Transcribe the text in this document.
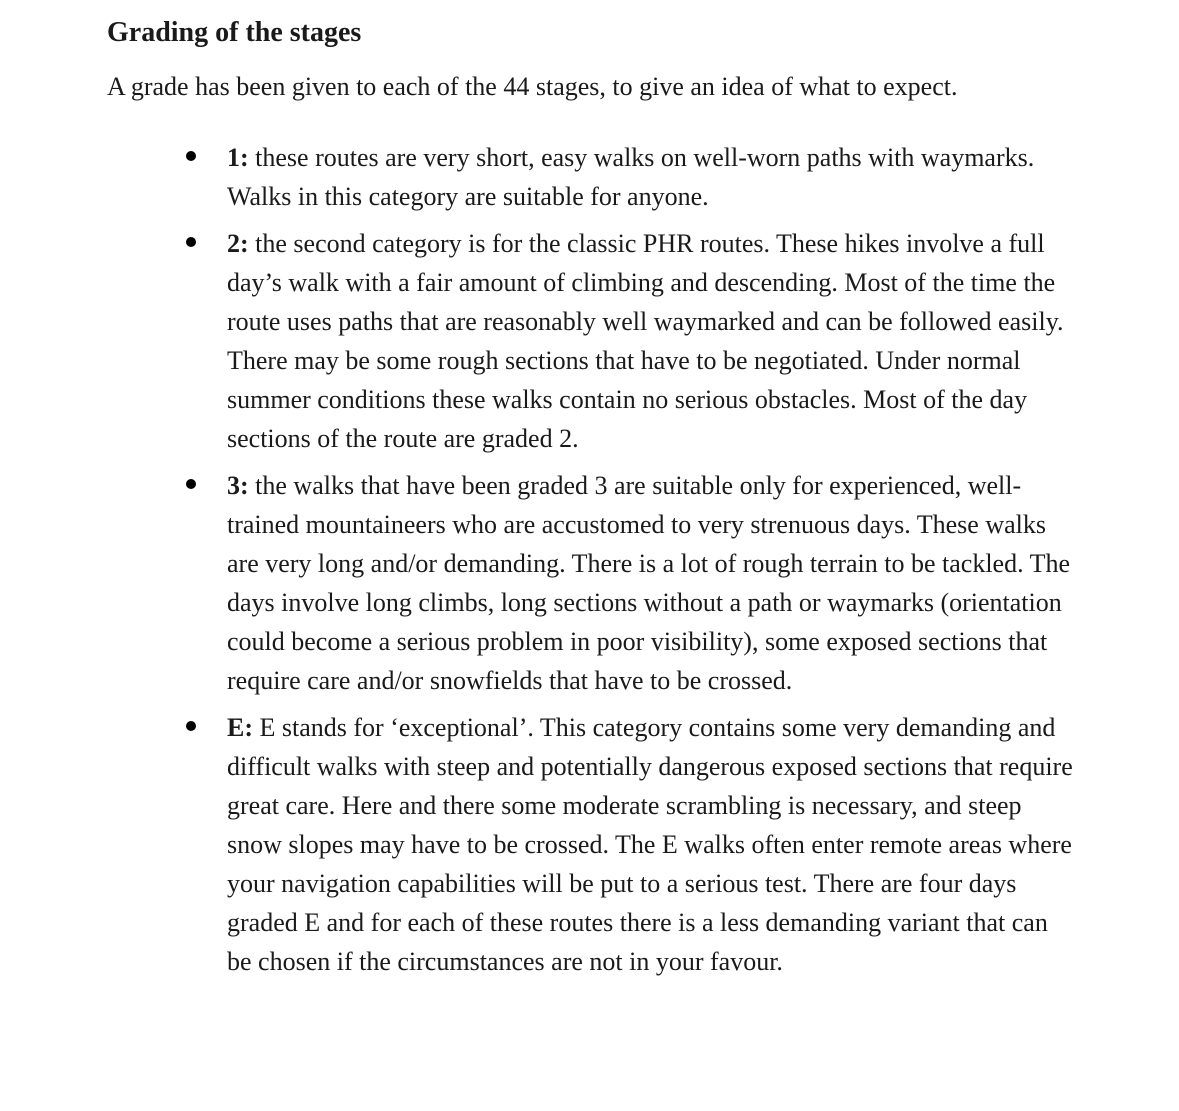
Grading of the stages

A grade has been given to each of the 44 stages, to give an idea of what to expect.

1: these routes are very short, easy walks on well-worn paths with waymarks. Walks in this category are suitable for anyone.
2: the second category is for the classic PHR routes. These hikes involve a full day’s walk with a fair amount of climbing and descending. Most of the time the route uses paths that are reasonably well waymarked and can be followed easily. There may be some rough sections that have to be negotiated. Under normal summer conditions these walks contain no serious obstacles. Most of the day sections of the route are graded 2.
3: the walks that have been graded 3 are suitable only for experienced, well-trained mountaineers who are accustomed to very strenuous days. These walks are very long and/or demanding. There is a lot of rough terrain to be tackled. The days involve long climbs, long sections without a path or waymarks (orientation could become a serious problem in poor visibility), some exposed sections that require care and/or snowfields that have to be crossed.
E: E stands for ‘exceptional’. This category contains some very demanding and difficult walks with steep and potentially dangerous exposed sections that require great care. Here and there some moderate scrambling is necessary, and steep snow slopes may have to be crossed. The E walks often enter remote areas where your navigation capabilities will be put to a serious test. There are four days graded E and for each of these routes there is a less demanding variant that can be chosen if the circumstances are not in your favour.
